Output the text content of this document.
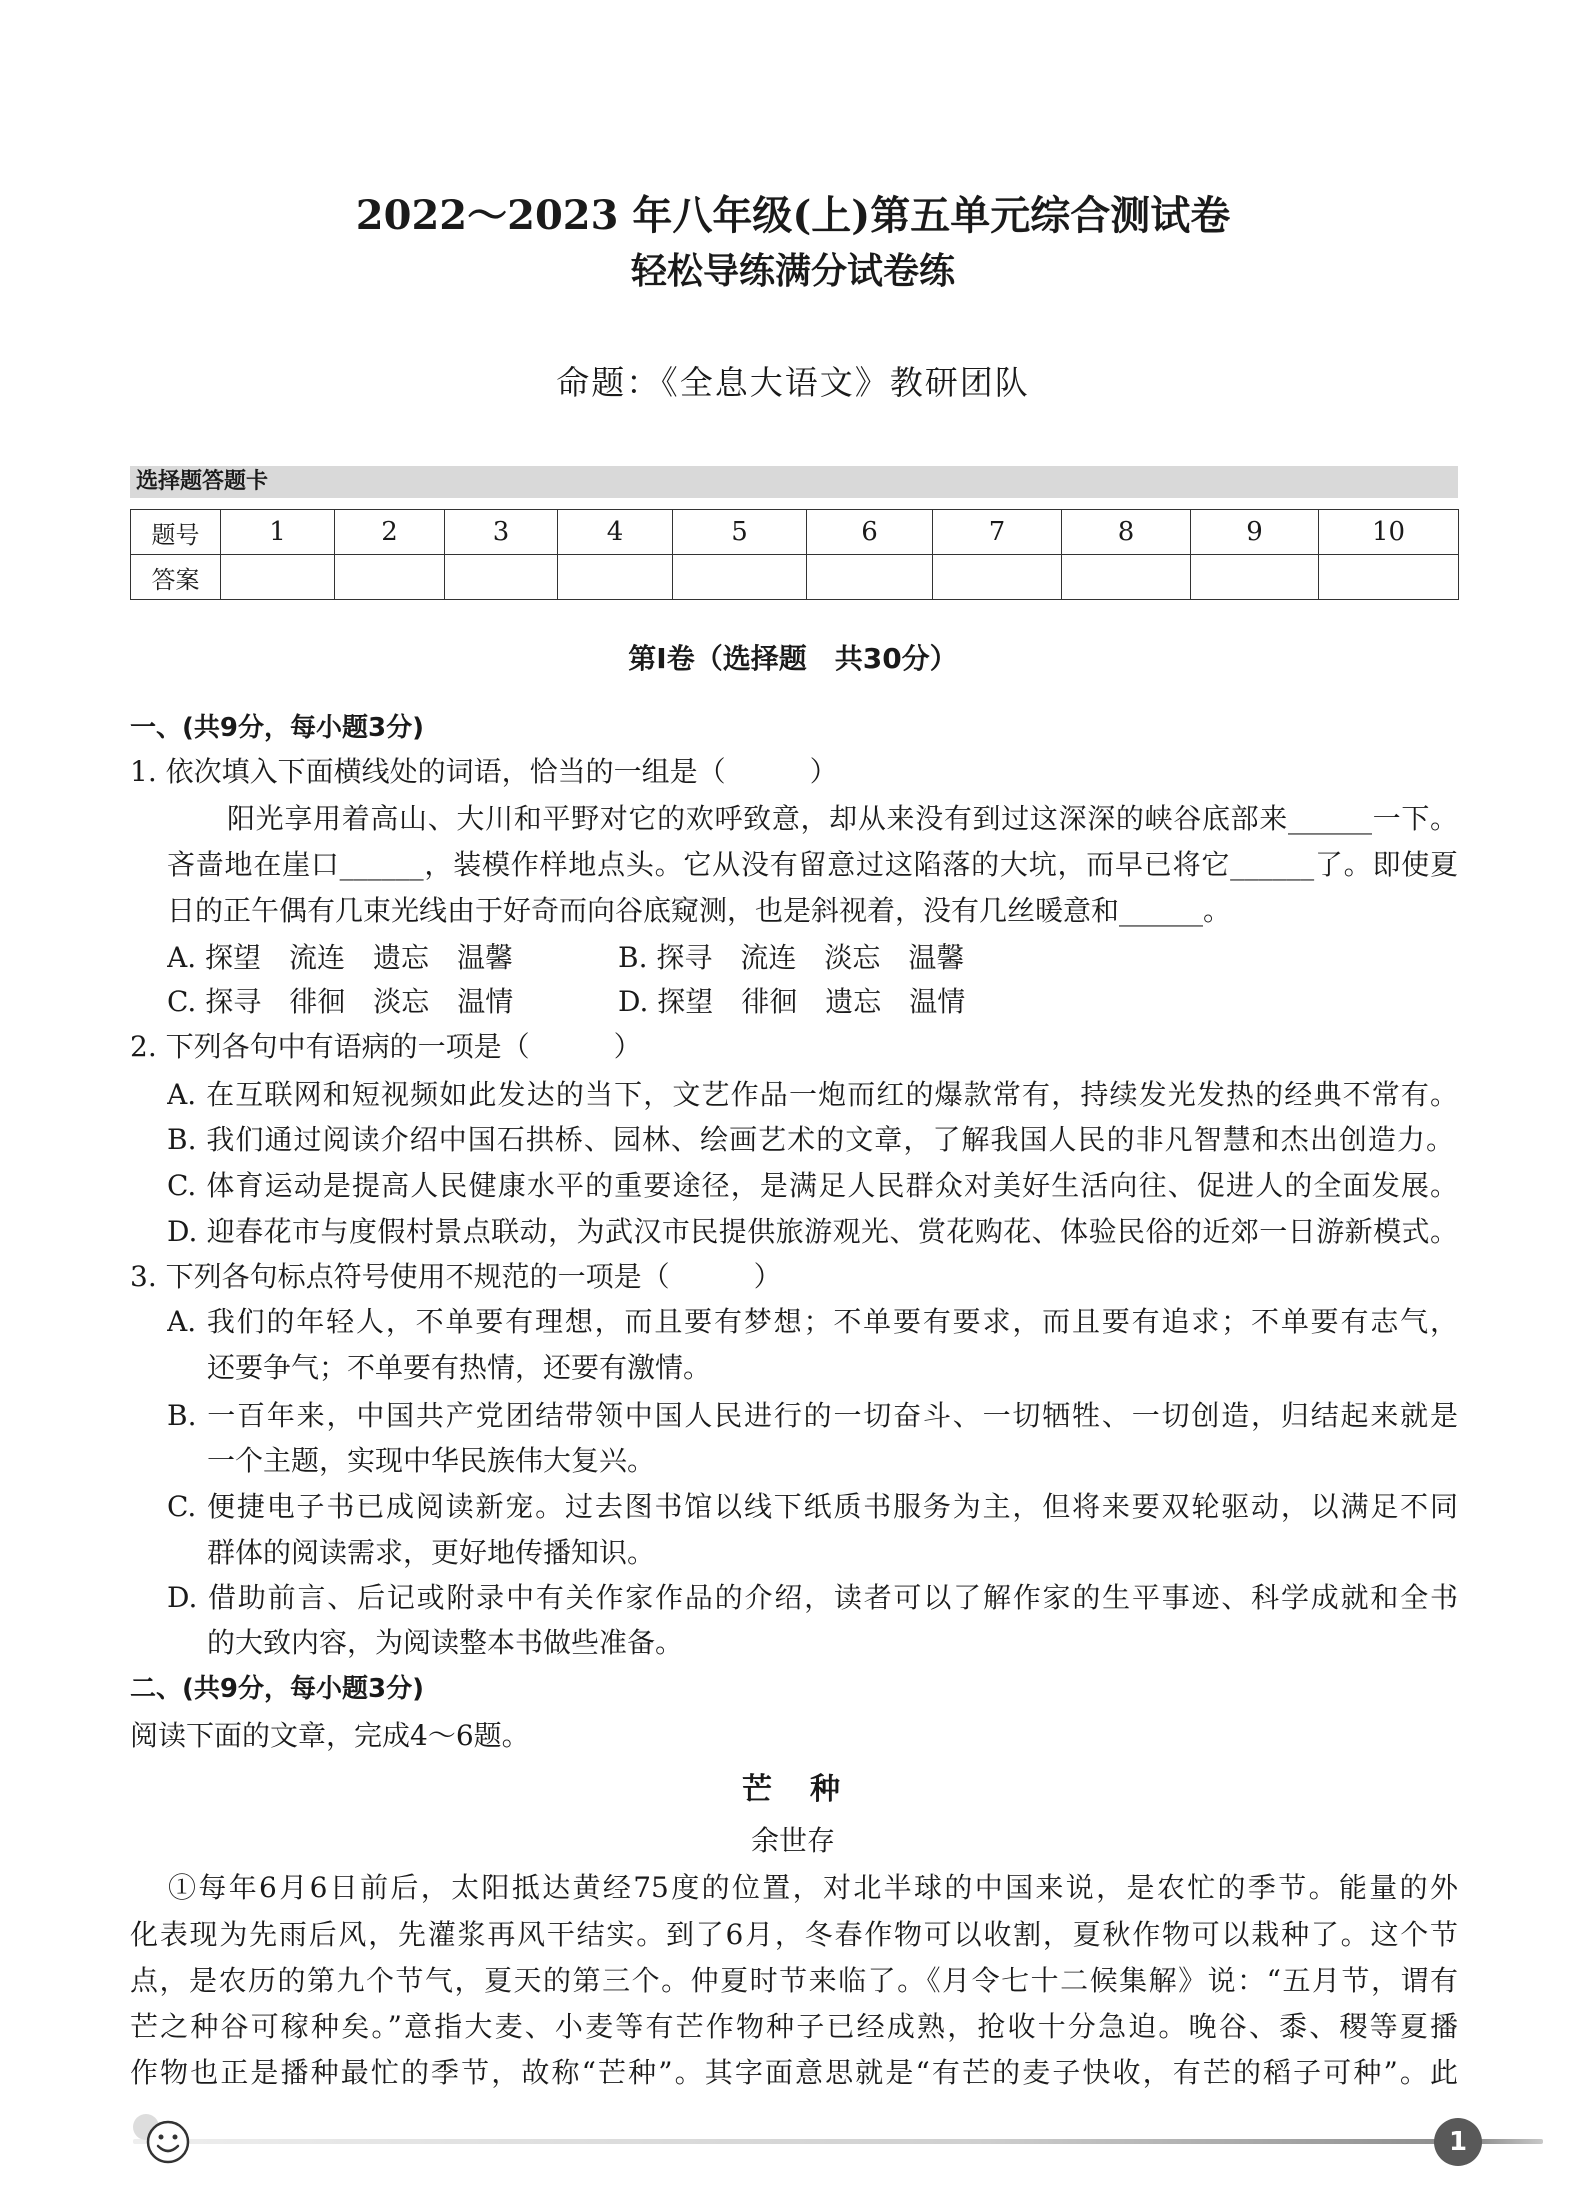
2022～2023 年八年级(上)第五单元综合测试卷
轻松导练满分试卷练
命题：《全息大语文》教研团队
选择题答题卡
题号	1	2	3	4	5	6	7	8	9	10
答案										
第Ⅰ卷（选择题　共30分）
一、(共9分，每小题3分)
1. 依次填入下面横线处的词语，恰当的一组是（　　　）
阳光享用着高山、大川和平野对它的欢呼致意，却从来没有到过这深深的峡谷底部来______一下。
吝啬地在崖口______，装模作样地点头。它从没有留意过这陷落的大坑，而早已将它______了。即使夏
日的正午偶有几束光线由于好奇而向谷底窥测，也是斜视着，没有几丝暖意和______。
A. 探望　流连　遗忘　温馨	B. 探寻　流连　淡忘　温馨
C. 探寻　徘徊　淡忘　温情	D. 探望　徘徊　遗忘　温情
2. 下列各句中有语病的一项是（　　　）
A. 在互联网和短视频如此发达的当下，文艺作品一炮而红的爆款常有，持续发光发热的经典不常有。
B. 我们通过阅读介绍中国石拱桥、园林、绘画艺术的文章，了解我国人民的非凡智慧和杰出创造力。
C. 体育运动是提高人民健康水平的重要途径，是满足人民群众对美好生活向往、促进人的全面发展。
D. 迎春花市与度假村景点联动，为武汉市民提供旅游观光、赏花购花、体验民俗的近郊一日游新模式。
3. 下列各句标点符号使用不规范的一项是（　　　）
A. 我们的年轻人，不单要有理想，而且要有梦想；不单要有要求，而且要有追求；不单要有志气，
还要争气；不单要有热情，还要有激情。
B. 一百年来，中国共产党团结带领中国人民进行的一切奋斗、一切牺牲、一切创造，归结起来就是
一个主题，实现中华民族伟大复兴。
C. 便捷电子书已成阅读新宠。过去图书馆以线下纸质书服务为主，但将来要双轮驱动，以满足不同
群体的阅读需求，更好地传播知识。
D. 借助前言、后记或附录中有关作家作品的介绍，读者可以了解作家的生平事迹、科学成就和全书
的大致内容，为阅读整本书做些准备。
二、(共9分，每小题3分)
阅读下面的文章，完成4～6题。
芒　种
余世存
①每年6月6日前后，太阳抵达黄经75度的位置，对北半球的中国来说，是农忙的季节。能量的外
化表现为先雨后风，先灌浆再风干结实。到了6月，冬春作物可以收割，夏秋作物可以栽种了。这个节
点，是农历的第九个节气，夏天的第三个。仲夏时节来临了。《月令七十二候集解》说：“五月节，谓有
芒之种谷可稼种矣。”意指大麦、小麦等有芒作物种子已经成熟，抢收十分急迫。晚谷、黍、稷等夏播
作物也正是播种最忙的季节，故称“芒种”。其字面意思就是“有芒的麦子快收，有芒的稻子可种”。此
1
